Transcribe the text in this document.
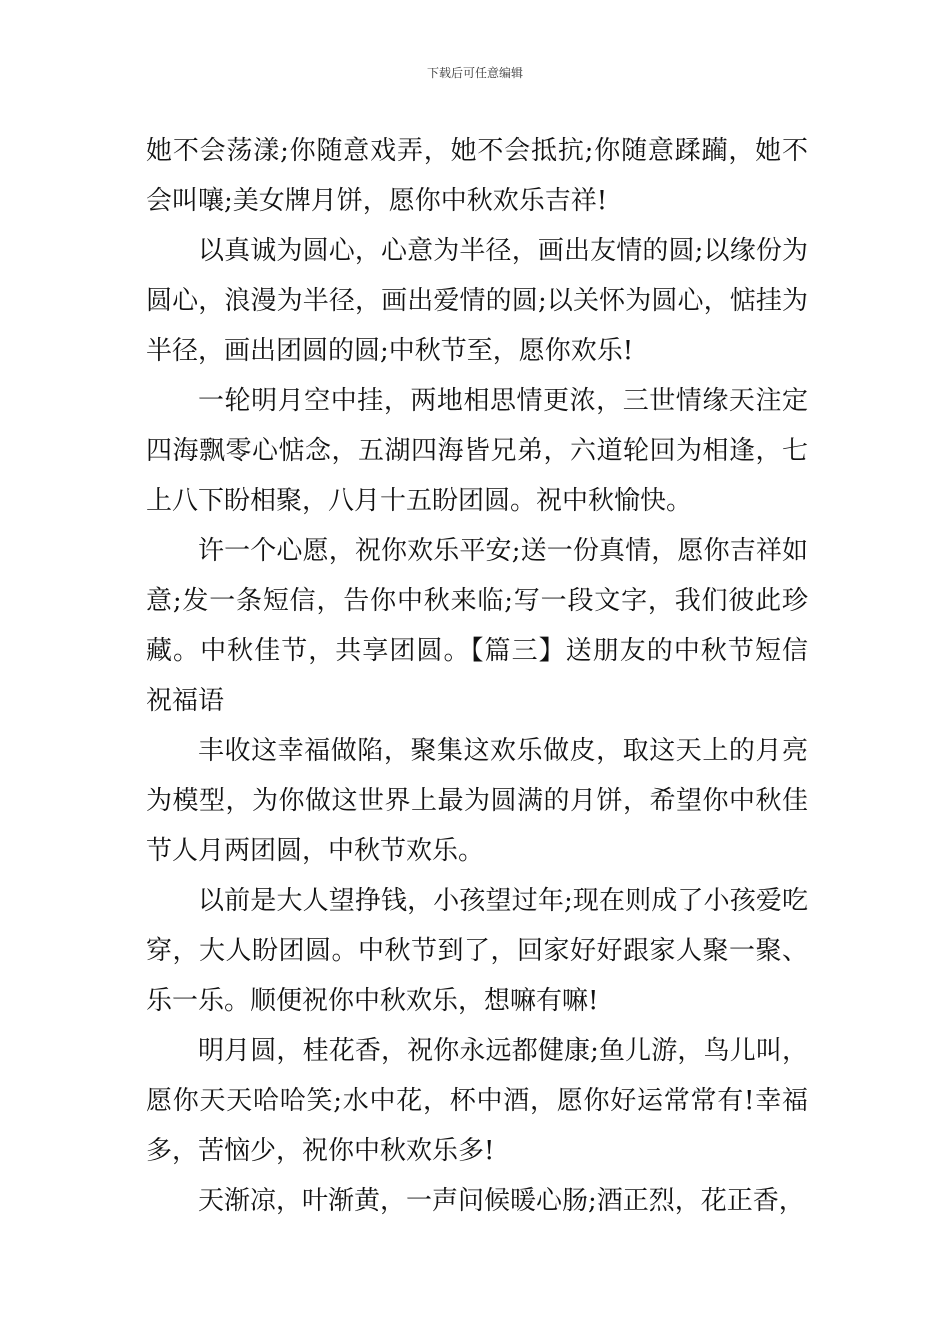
下载后可任意编辑

她不会荡漾;你随意戏弄，她不会抵抗;你随意蹂躏，她不会叫嚷;美女牌月饼，愿你中秋欢乐吉祥!

以真诚为圆心，心意为半径，画出友情的圆;以缘份为圆心，浪漫为半径，画出爱情的圆;以关怀为圆心，惦挂为半径，画出团圆的圆;中秋节至，愿你欢乐!

一轮明月空中挂，两地相思情更浓，三世情缘天注定四海飘零心惦念，五湖四海皆兄弟，六道轮回为相逢，七上八下盼相聚，八月十五盼团圆。祝中秋愉快。

许一个心愿，祝你欢乐平安;送一份真情，愿你吉祥如意;发一条短信，告你中秋来临;写一段文字，我们彼此珍藏。中秋佳节，共享团圆。【篇三】送朋友的中秋节短信祝福语

丰收这幸福做陷，聚集这欢乐做皮，取这天上的月亮为模型，为你做这世界上最为圆满的月饼，希望你中秋佳节人月两团圆，中秋节欢乐。

以前是大人望挣钱，小孩望过年;现在则成了小孩爱吃穿，大人盼团圆。中秋节到了，回家好好跟家人聚一聚、乐一乐。顺便祝你中秋欢乐，想嘛有嘛!

明月圆，桂花香，祝你永远都健康;鱼儿游，鸟儿叫，愿你天天哈哈笑;水中花，杯中酒，愿你好运常常有!幸福多，苦恼少，祝你中秋欢乐多!

天渐凉，叶渐黄，一声问候暖心肠;酒正烈，花正香，
